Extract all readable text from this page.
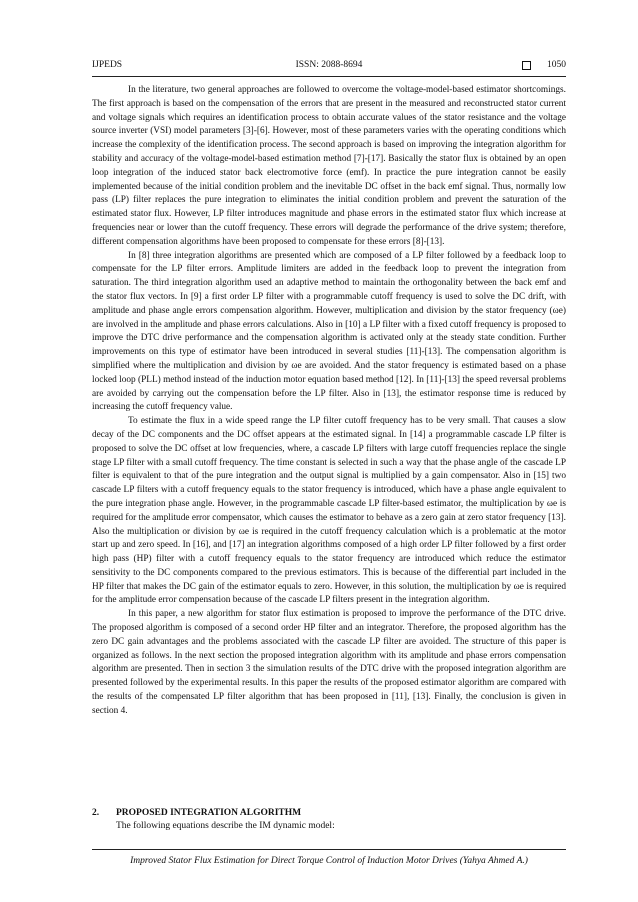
IJPEDS	ISSN: 2088-8694	1050

In the literature, two general approaches are followed to overcome the voltage-model-based estimator shortcomings. The first approach is based on the compensation of the errors that are present in the measured and reconstructed stator current and voltage signals which requires an identification process to obtain accurate values of the stator resistance and the voltage source inverter (VSI) model parameters [3]-[6]. However, most of these parameters varies with the operating conditions which increase the complexity of the identification process. The second approach is based on improving the integration algorithm for stability and accuracy of the voltage-model-based estimation method [7]-[17]. Basically the stator flux is obtained by an open loop integration of the induced stator back electromotive force (emf). In practice the pure integration cannot be easily implemented because of the initial condition problem and the inevitable DC offset in the back emf signal. Thus, normally low pass (LP) filter replaces the pure integration to eliminates the initial condition problem and prevent the saturation of the estimated stator flux. However, LP filter introduces magnitude and phase errors in the estimated stator flux which increase at frequencies near or lower than the cutoff frequency. These errors will degrade the performance of the drive system; therefore, different compensation algorithms have been proposed to compensate for these errors [8]-[13].

In [8] three integration algorithms are presented which are composed of a LP filter followed by a feedback loop to compensate for the LP filter errors. Amplitude limiters are added in the feedback loop to prevent the integration from saturation. The third integration algorithm used an adaptive method to maintain the orthogonality between the back emf and the stator flux vectors. In [9] a first order LP filter with a programmable cutoff frequency is used to solve the DC drift, with amplitude and phase angle errors compensation algorithm. However, multiplication and division by the stator frequency (ωe) are involved in the amplitude and phase errors calculations. Also in [10] a LP filter with a fixed cutoff frequency is proposed to improve the DTC drive performance and the compensation algorithm is activated only at the steady state condition. Further improvements on this type of estimator have been introduced in several studies [11]-[13]. The compensation algorithm is simplified where the multiplication and division by ωe are avoided. And the stator frequency is estimated based on a phase locked loop (PLL) method instead of the induction motor equation based method [12]. In [11]-[13] the speed reversal problems are avoided by carrying out the compensation before the LP filter. Also in [13], the estimator response time is reduced by increasing the cutoff frequency value.

To estimate the flux in a wide speed range the LP filter cutoff frequency has to be very small. That causes a slow decay of the DC components and the DC offset appears at the estimated signal. In [14] a programmable cascade LP filter is proposed to solve the DC offset at low frequencies, where, a cascade LP filters with large cutoff frequencies replace the single stage LP filter with a small cutoff frequency. The time constant is selected in such a way that the phase angle of the cascade LP filter is equivalent to that of the pure integration and the output signal is multiplied by a gain compensator. Also in [15] two cascade LP filters with a cutoff frequency equals to the stator frequency is introduced, which have a phase angle equivalent to the pure integration phase angle. However, in the programmable cascade LP filter-based estimator, the multiplication by ωe is required for the amplitude error compensator, which causes the estimator to behave as a zero gain at zero stator frequency [13]. Also the multiplication or division by ωe is required in the cutoff frequency calculation which is a problematic at the motor start up and zero speed. In [16], and [17] an integration algorithms composed of a high order LP filter followed by a first order high pass (HP) filter with a cutoff frequency equals to the stator frequency are introduced which reduce the estimator sensitivity to the DC components compared to the previous estimators. This is because of the differential part included in the HP filter that makes the DC gain of the estimator equals to zero. However, in this solution, the multiplication by ωe is required for the amplitude error compensation because of the cascade LP filters present in the integration algorithm.

In this paper, a new algorithm for stator flux estimation is proposed to improve the performance of the DTC drive. The proposed algorithm is composed of a second order HP filter and an integrator. Therefore, the proposed algorithm has the zero DC gain advantages and the problems associated with the cascade LP filter are avoided. The structure of this paper is organized as follows. In the next section the proposed integration algorithm with its amplitude and phase errors compensation algorithm are presented. Then in section 3 the simulation results of the DTC drive with the proposed integration algorithm are presented followed by the experimental results. In this paper the results of the proposed estimator algorithm are compared with the results of the compensated LP filter algorithm that has been proposed in [11], [13]. Finally, the conclusion is given in section 4.

2. PROPOSED INTEGRATION ALGORITHM
The following equations describe the IM dynamic model:
Improved Stator Flux Estimation for Direct Torque Control of Induction Motor Drives (Yahya Ahmed A.)
